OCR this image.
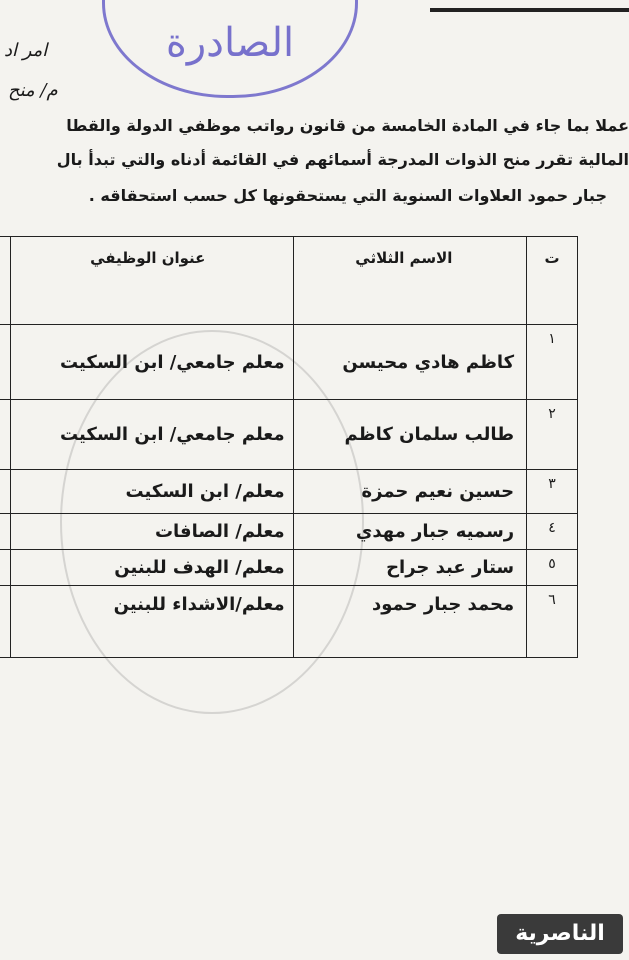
امر اد
م/ منح
الصادرة
عملا بما جاء في المادة الخامسة من قانون رواتب موظفي الدولة والقطا
المالية تقرر منح الذوات المدرجة أسمائهم في القائمة أدناه والتي تبدأ بال
جبار حمود العلاوات السنوية التي يستحقونها كل حسب استحقاقه .
ت	الاسم الثلاثي	عنوان الوظيفي	
١	كاظم هادي محيسن	معلم جامعي/ ابن السكيت	
٢	طالب سلمان كاظم	معلم جامعي/ ابن السكيت	
٣	حسين نعيم حمزة	معلم/ ابن السكيت	
٤	رسميه جبار مهدي	معلم/ الصافات	
٥	ستار عبد جراح	معلم/ الهدف للبنين	
٦	محمد جبار حمود	معلم/الاشداء للبنين	
الناصرية
